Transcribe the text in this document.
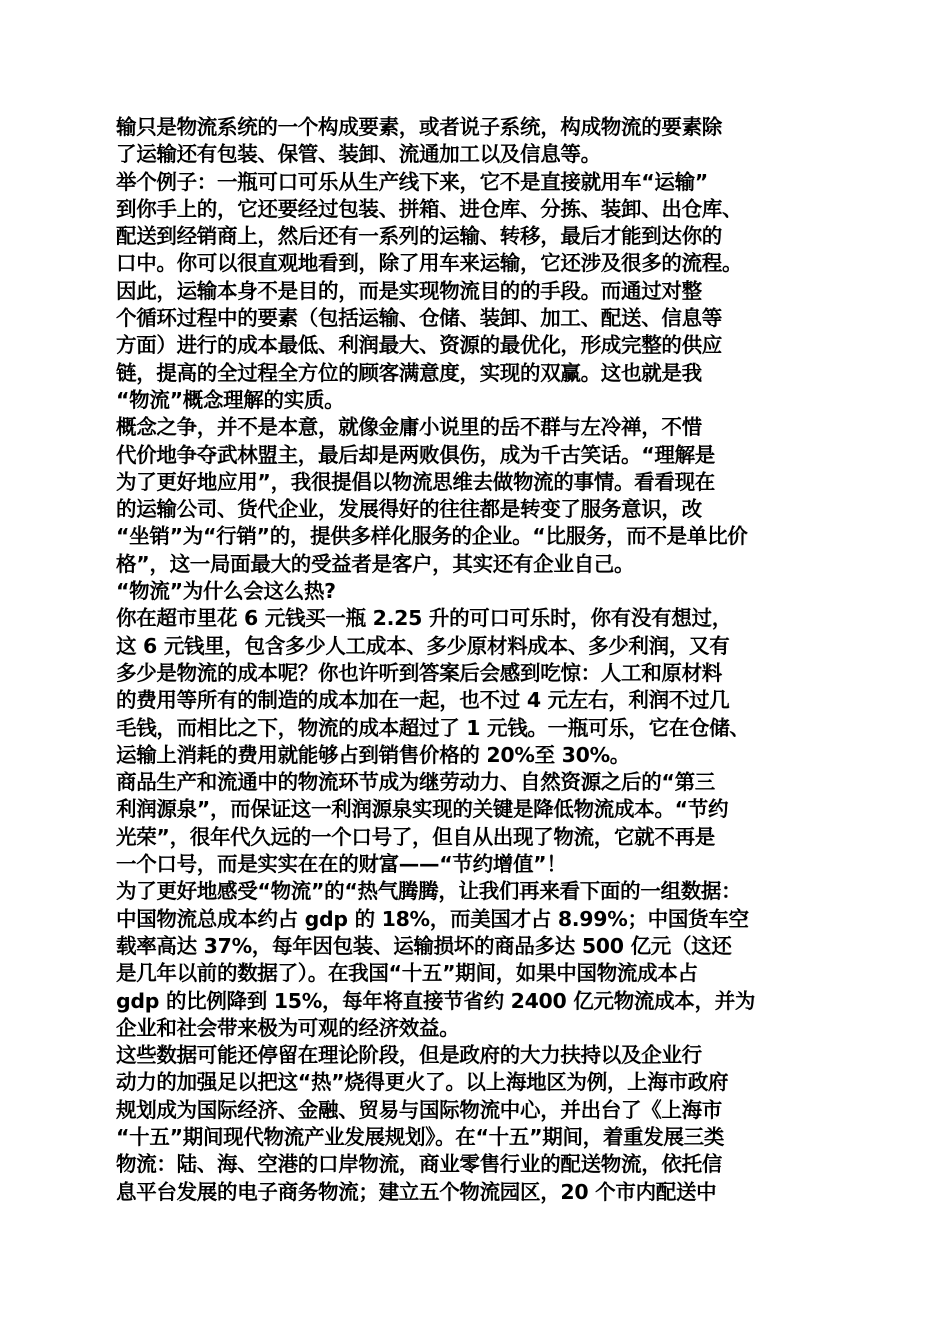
输只是物流系统的一个构成要素，或者说子系统，构成物流的要素除
了运输还有包装、保管、装卸、流通加工以及信息等。
举个例子：一瓶可口可乐从生产线下来，它不是直接就用车“运输”
到你手上的，它还要经过包装、拼箱、进仓库、分拣、装卸、出仓库、
配送到经销商上，然后还有一系列的运输、转移，最后才能到达你的
口中。你可以很直观地看到，除了用车来运输，它还涉及很多的流程。
因此，运输本身不是目的，而是实现物流目的的手段。而通过对整
个循环过程中的要素（包括运输、仓储、装卸、加工、配送、信息等
方面）进行的成本最低、利润最大、资源的最优化，形成完整的供应
链，提高的全过程全方位的顾客满意度，实现的双赢。这也就是我
“物流”概念理解的实质。
概念之争，并不是本意，就像金庸小说里的岳不群与左冷禅，不惜
代价地争夺武林盟主，最后却是两败俱伤，成为千古笑话。“理解是
为了更好地应用”，我很提倡以物流思维去做物流的事情。看看现在
的运输公司、货代企业，发展得好的往往都是转变了服务意识，改
“坐销”为“行销”的，提供多样化服务的企业。“比服务，而不是单比价
格”，这一局面最大的受益者是客户，其实还有企业自己。
“物流”为什么会这么热?
你在超市里花 6 元钱买一瓶 2.25 升的可口可乐时，你有没有想过，
这 6 元钱里，包含多少人工成本、多少原材料成本、多少利润，又有
多少是物流的成本呢？你也许听到答案后会感到吃惊：人工和原材料
的费用等所有的制造的成本加在一起，也不过 4 元左右，利润不过几
毛钱，而相比之下，物流的成本超过了 1 元钱。一瓶可乐，它在仓储、
运输上消耗的费用就能够占到销售价格的 20%至 30%。
商品生产和流通中的物流环节成为继劳动力、自然资源之后的“第三
利润源泉”，而保证这一利润源泉实现的关键是降低物流成本。“节约
光荣”，很年代久远的一个口号了，但自从出现了物流，它就不再是
一个口号，而是实实在在的财富——“节约增值”！
为了更好地感受“物流”的“热气腾腾，让我们再来看下面的一组数据：
中国物流总成本约占 gdp 的 18%，而美国才占 8.99%；中国货车空
载率高达 37%，每年因包装、运输损坏的商品多达 500 亿元（这还
是几年以前的数据了）。在我国“十五”期间，如果中国物流成本占
gdp 的比例降到 15%，每年将直接节省约 2400 亿元物流成本，并为
企业和社会带来极为可观的经济效益。
这些数据可能还停留在理论阶段，但是政府的大力扶持以及企业行
动力的加强足以把这“热”烧得更火了。以上海地区为例，上海市政府
规划成为国际经济、金融、贸易与国际物流中心，并出台了《上海市
“十五”期间现代物流产业发展规划》。在“十五”期间，着重发展三类
物流：陆、海、空港的口岸物流，商业零售行业的配送物流，依托信
息平台发展的电子商务物流；建立五个物流园区，20 个市内配送中
